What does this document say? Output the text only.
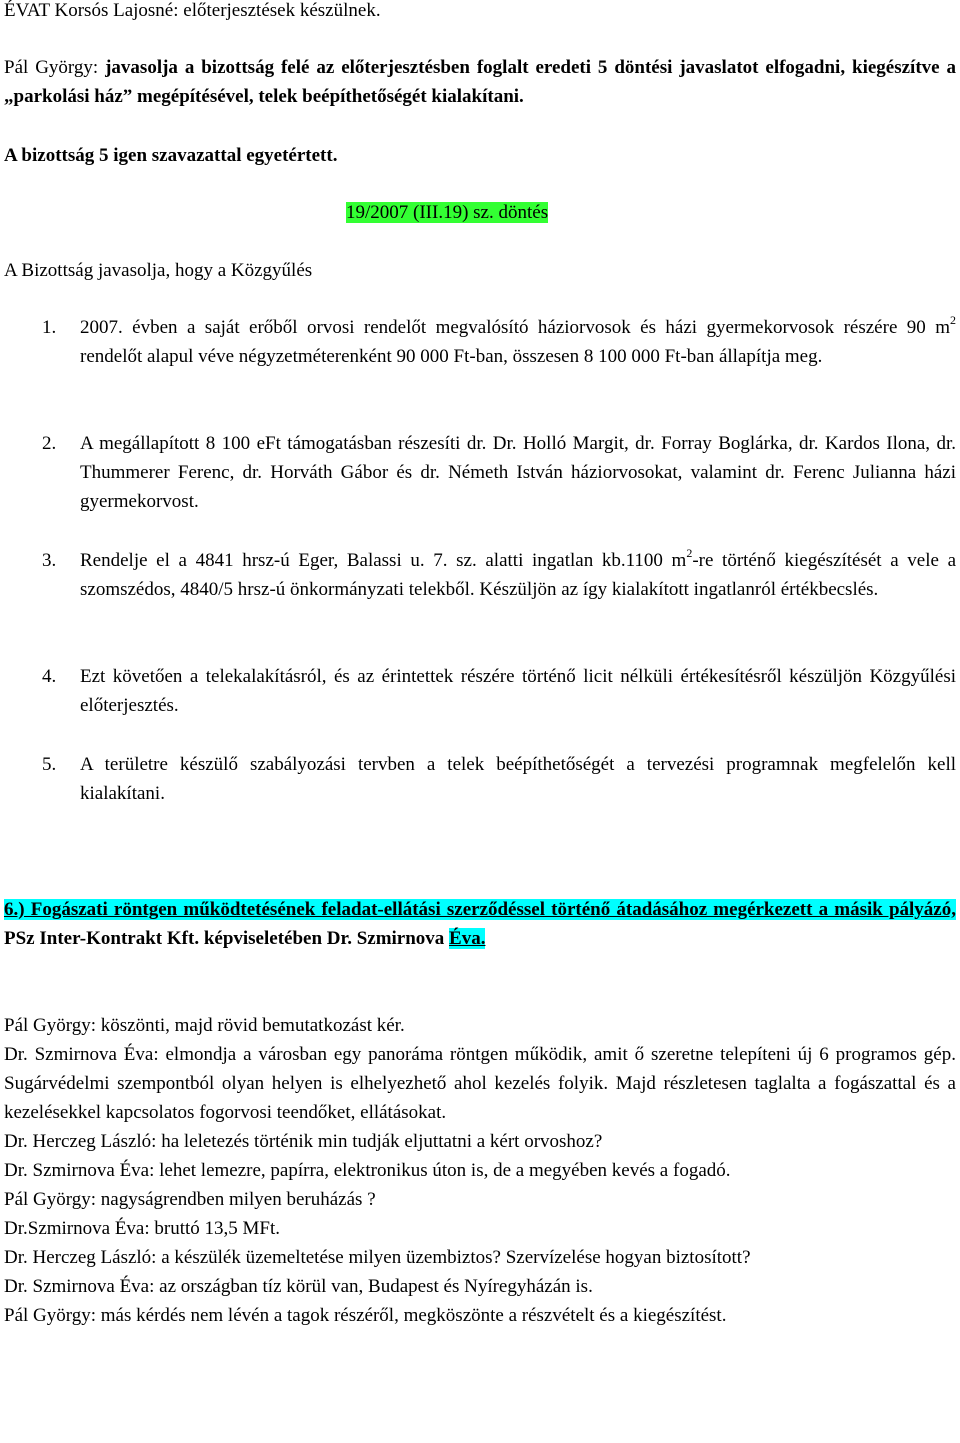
ÉVAT Korsós Lajosné: előterjesztések készülnek.

Pál György: javasolja a bizottság felé az előterjesztésben foglalt eredeti 5 döntési javaslatot elfogadni, kiegészítve a „parkolási ház” megépítésével, telek beépíthetőségét kialakítani.

A bizottság 5 igen szavazattal egyetértett.

19/2007 (III.19) sz. döntés

A Bizottság javasolja, hogy a Közgyűlés

1. 2007. évben a saját erőből orvosi rendelőt megvalósító háziorvosok és házi gyermekorvosok részére 90 $m^2$ rendelőt alapul véve négyzetméterenként 90 000 Ft-ban, összesen 8 100 000 Ft-ban állapítja meg.
2. A megállapított 8 100 eFt támogatásban részesíti dr. Dr. Holló Margit, dr. Forray Boglárka, dr. Kardos Ilona, dr. Thummerer Ferenc, dr. Horváth Gábor és dr. Németh István háziorvosokat, valamint dr. Ferenc Julianna házi gyermekorvost.
3. Rendelje el a 4841 hrsz-ú Eger, Balassi u. 7. sz. alatti ingatlan kb.1100 $m^2-re$ történő kiegészítését a vele a szomszédos, 4840/5 hrsz-ú önkormányzati telekből. Készüljön az így kialakított ingatlanról értékbecslés.
4. Ezt követően a telekalakításról, és az érintettek részére történő licit nélküli értékesítésről készüljön Közgyűlési előterjesztés.
5. A területre készülő szabályozási tervben a telek beépíthetőségét a tervezési programnak megfelelőn kell kialakítani.

6.) Fogászati röntgen működtetésének feladat-ellátási szerződéssel történő átadásához megérkezett a másik pályázó, PSz Inter-Kontrakt Kft. képviseletében Dr. Szmirnova Éva.

Pál György: köszönti, majd rövid bemutatkozást kér.

Dr. Szmirnova Éva: elmondja a városban egy panoráma röntgen működik, amit ő szeretne telepíteni új 6 programos gép. Sugárvédelmi szempontból olyan helyen is elhelyezhető ahol kezelés folyik. Majd részletesen taglalta a fogászattal és a kezelésekkel kapcsolatos fogorvosi teendőket, ellátásokat.

Dr. Herczeg László: ha leletezés történik min tudják eljuttatni a kért orvoshoz?

Dr. Szmirnova Éva: lehet lemezre, papírra, elektronikus úton is, de a megyében kevés a fogadó.

Pál György: nagyságrendben milyen beruházás ?

Dr.Szmirnova Éva: bruttó 13,5 MFt.

Dr. Herczeg László: a készülék üzemeltetése milyen üzembiztos? Szervízelése hogyan biztosított?

Dr. Szmirnova Éva: az országban tíz körül van, Budapest és Nyíregyházán is.

Pál György: más kérdés nem lévén a tagok részéről, megköszönte a részvételt és a kiegészítést.
